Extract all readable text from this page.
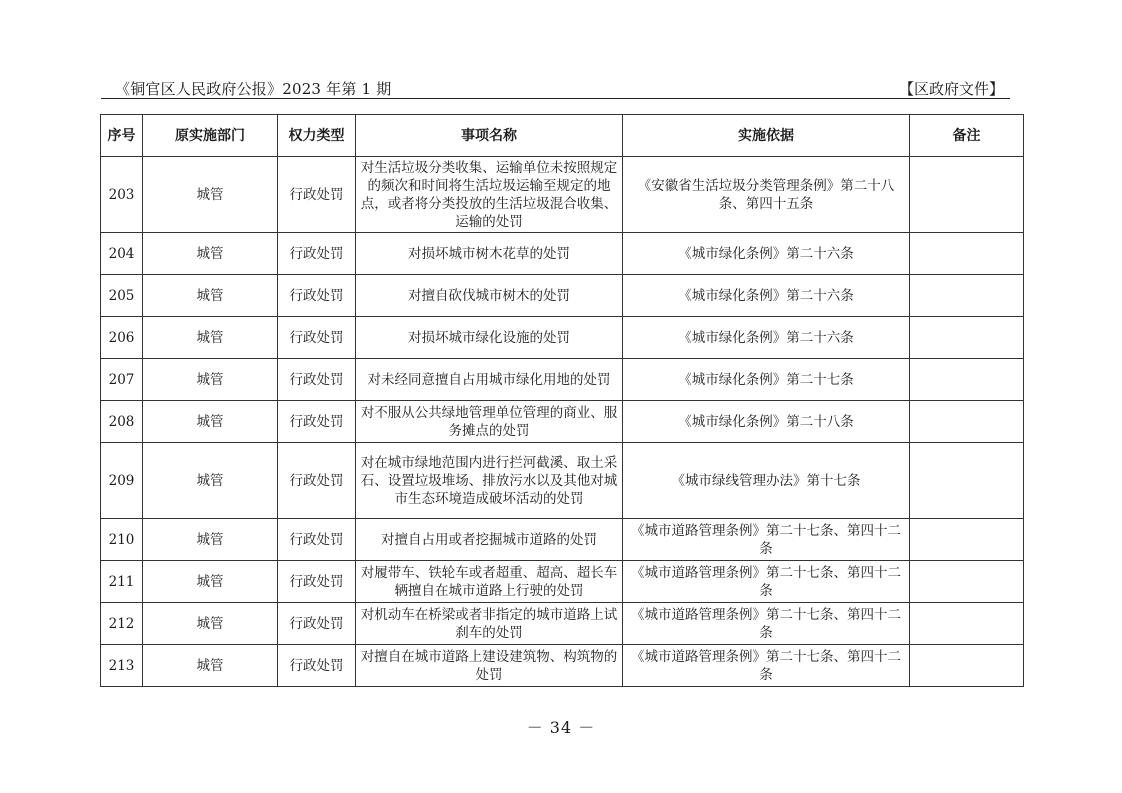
《铜官区人民政府公报》2023 年第 1 期	【区政府文件】
序号	原实施部门	权力类型	事项名称	实施依据	备注
203	城管	行政处罚	对生活垃圾分类收集、运输单位未按照规定的频次和时间将生活垃圾运输至规定的地点，或者将分类投放的生活垃圾混合收集、运输的处罚	《安徽省生活垃圾分类管理条例》第二十八条、第四十五条	
204	城管	行政处罚	对损坏城市树木花草的处罚	《城市绿化条例》第二十六条	
205	城管	行政处罚	对擅自砍伐城市树木的处罚	《城市绿化条例》第二十六条	
206	城管	行政处罚	对损坏城市绿化设施的处罚	《城市绿化条例》第二十六条	
207	城管	行政处罚	对未经同意擅自占用城市绿化用地的处罚	《城市绿化条例》第二十七条	
208	城管	行政处罚	对不服从公共绿地管理单位管理的商业、服务摊点的处罚	《城市绿化条例》第二十八条	
209	城管	行政处罚	对在城市绿地范围内进行拦河截溪、取土采石、设置垃圾堆场、排放污水以及其他对城市生态环境造成破坏活动的处罚	《城市绿线管理办法》第十七条	
210	城管	行政处罚	对擅自占用或者挖掘城市道路的处罚	《城市道路管理条例》第二十七条、第四十二条	
211	城管	行政处罚	对履带车、铁轮车或者超重、超高、超长车辆擅自在城市道路上行驶的处罚	《城市道路管理条例》第二十七条、第四十二条	
212	城管	行政处罚	对机动车在桥梁或者非指定的城市道路上试刹车的处罚	《城市道路管理条例》第二十七条、第四十二条	
213	城管	行政处罚	对擅自在城市道路上建设建筑物、构筑物的处罚	《城市道路管理条例》第二十七条、第四十二条	
－ 34 －
